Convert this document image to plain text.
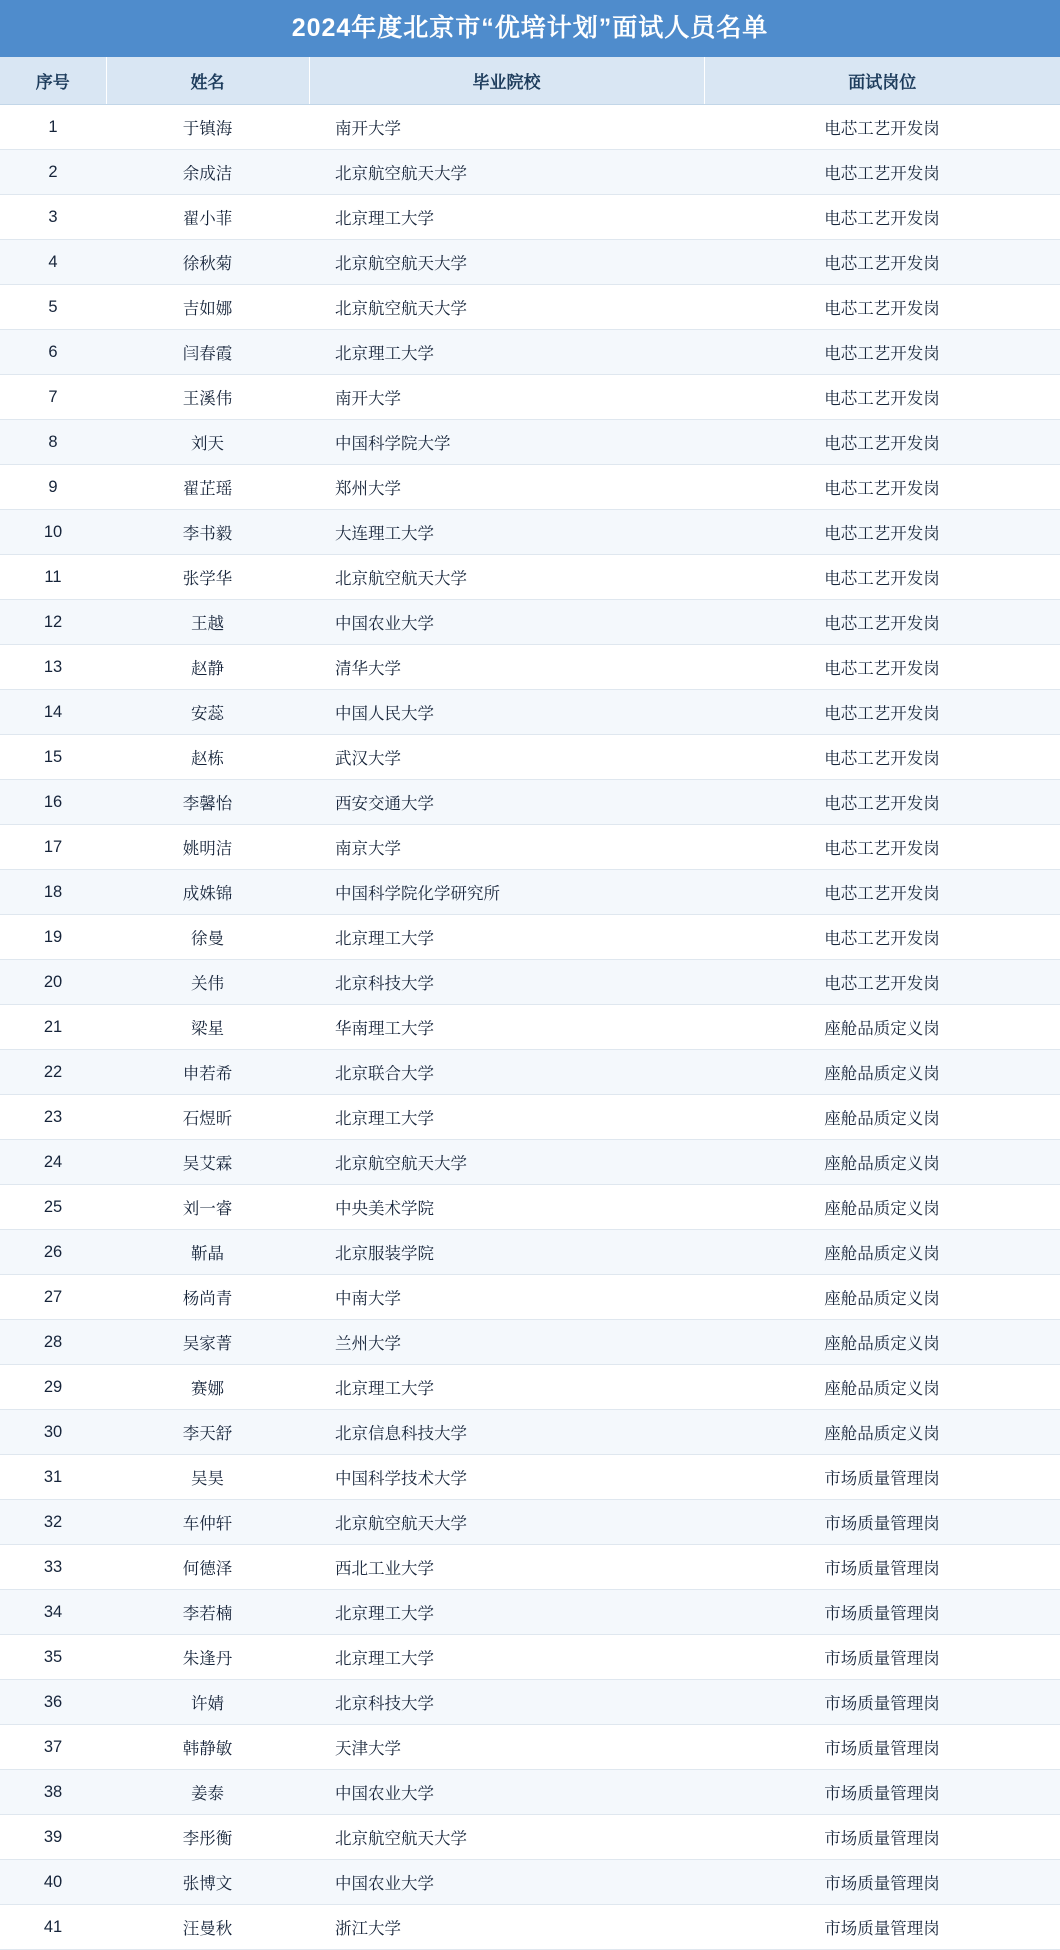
2024年度北京市“优培计划”面试人员名单
序号	姓名	毕业院校	面试岗位
1	于镇海	南开大学	电芯工艺开发岗
2	余成洁	北京航空航天大学	电芯工艺开发岗
3	翟小菲	北京理工大学	电芯工艺开发岗
4	徐秋菊	北京航空航天大学	电芯工艺开发岗
5	吉如娜	北京航空航天大学	电芯工艺开发岗
6	闫春霞	北京理工大学	电芯工艺开发岗
7	王溪伟	南开大学	电芯工艺开发岗
8	刘天	中国科学院大学	电芯工艺开发岗
9	翟芷瑶	郑州大学	电芯工艺开发岗
10	李书毅	大连理工大学	电芯工艺开发岗
11	张学华	北京航空航天大学	电芯工艺开发岗
12	王越	中国农业大学	电芯工艺开发岗
13	赵静	清华大学	电芯工艺开发岗
14	安蕊	中国人民大学	电芯工艺开发岗
15	赵栋	武汉大学	电芯工艺开发岗
16	李馨怡	西安交通大学	电芯工艺开发岗
17	姚明洁	南京大学	电芯工艺开发岗
18	成姝锦	中国科学院化学研究所	电芯工艺开发岗
19	徐曼	北京理工大学	电芯工艺开发岗
20	关伟	北京科技大学	电芯工艺开发岗
21	梁星	华南理工大学	座舱品质定义岗
22	申若希	北京联合大学	座舱品质定义岗
23	石煜昕	北京理工大学	座舱品质定义岗
24	吴艾霖	北京航空航天大学	座舱品质定义岗
25	刘一睿	中央美术学院	座舱品质定义岗
26	靳晶	北京服装学院	座舱品质定义岗
27	杨尚青	中南大学	座舱品质定义岗
28	吴家菁	兰州大学	座舱品质定义岗
29	赛娜	北京理工大学	座舱品质定义岗
30	李天舒	北京信息科技大学	座舱品质定义岗
31	吴昊	中国科学技术大学	市场质量管理岗
32	车仲轩	北京航空航天大学	市场质量管理岗
33	何德泽	西北工业大学	市场质量管理岗
34	李若楠	北京理工大学	市场质量管理岗
35	朱逢丹	北京理工大学	市场质量管理岗
36	许婧	北京科技大学	市场质量管理岗
37	韩静敏	天津大学	市场质量管理岗
38	姜泰	中国农业大学	市场质量管理岗
39	李彤衡	北京航空航天大学	市场质量管理岗
40	张博文	中国农业大学	市场质量管理岗
41	汪曼秋	浙江大学	市场质量管理岗
